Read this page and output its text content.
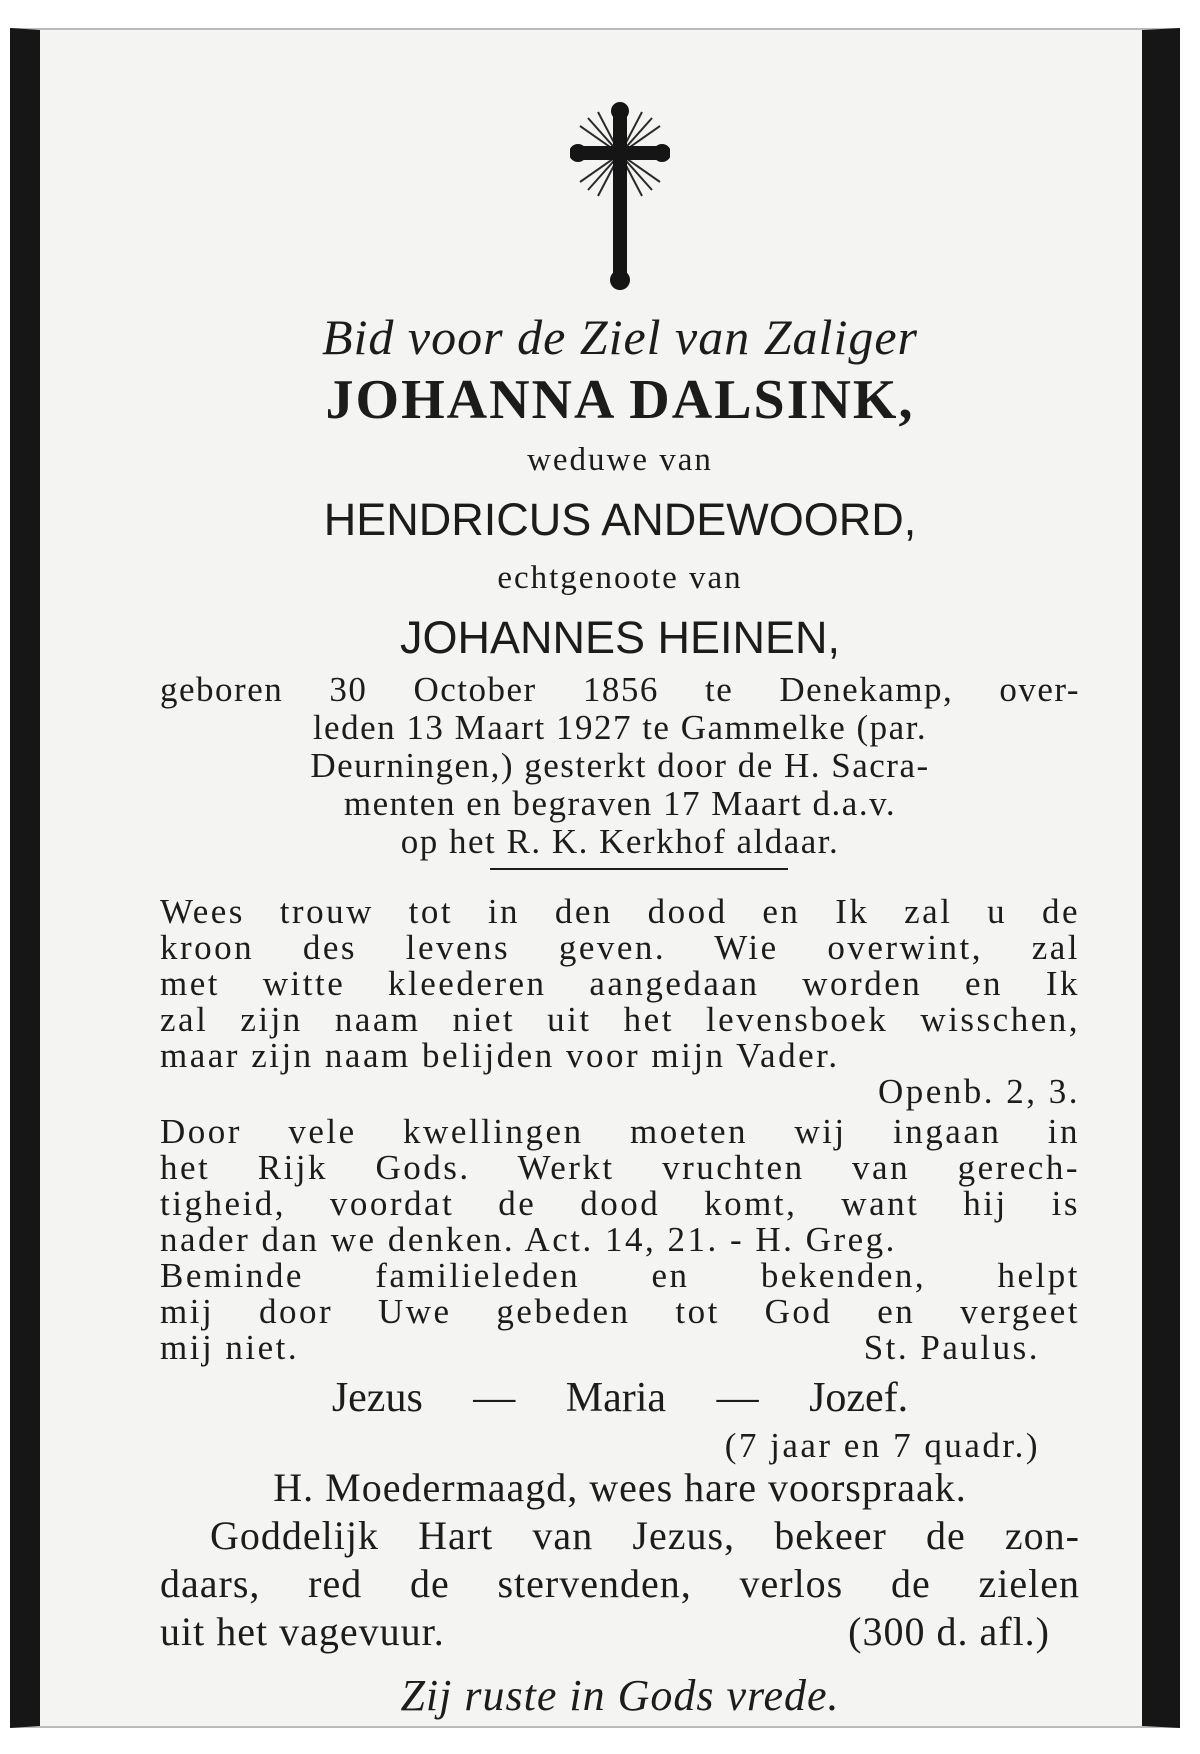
Bid voor de Ziel van Zaliger
JOHANNA DALSINK,
weduwe van
HENDRICUS ANDEWOORD,
echtgenoote van
JOHANNES HEINEN,
geboren 30 October 1856 te Denekamp, over-
leden 13 Maart 1927 te Gammelke (par.
Deurningen,) gesterkt door de H. Sacra-
menten en begraven 17 Maart d.a.v.
op het R. K. Kerkhof aldaar.
Wees trouw tot in den dood en Ik zal u de
kroon des levens geven. Wie overwint, zal
met witte kleederen aangedaan worden en Ik
zal zijn naam niet uit het levensboek wisschen,
maar zijn naam belijden voor mijn Vader.
Openb. 2, 3.
Door vele kwellingen moeten wij ingaan in
het Rijk Gods. Werkt vruchten van gerech-
tigheid, voordat de dood komt, want hij is
nader dan we denken. Act. 14, 21. - H. Greg.
Beminde familieleden en bekenden, helpt
mij door Uwe gebeden tot God en vergeet
mij niet.	St. Paulus.
Jezus — Maria — Jozef.
(7 jaar en 7 quadr.)
H. Moedermaagd, wees hare voorspraak.
Goddelijk Hart van Jezus, bekeer de zon-
daars, red de stervenden, verlos de zielen
uit het vagevuur.	(300 d. afl.)
Zij ruste in Gods vrede.
